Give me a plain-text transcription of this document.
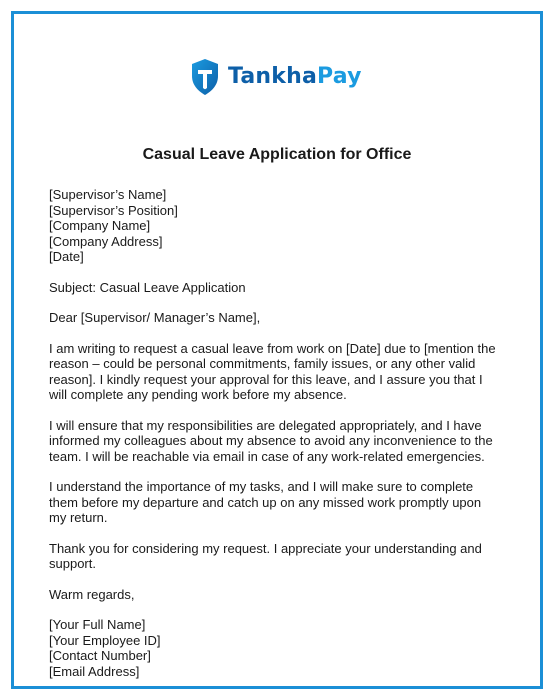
TankhaPay
Casual Leave Application for Office

[Supervisor’s Name]
[Supervisor’s Position]
[Company Name]
[Company Address]
[Date]

Subject: Casual Leave Application

Dear [Supervisor/ Manager’s Name],

I am writing to request a casual leave from work on [Date] due to [mention the
reason – could be personal commitments, family issues, or any other valid
reason]. I kindly request your approval for this leave, and I assure you that I
will complete any pending work before my absence.

I will ensure that my responsibilities are delegated appropriately, and I have
informed my colleagues about my absence to avoid any inconvenience to the
team. I will be reachable via email in case of any work-related emergencies.

I understand the importance of my tasks, and I will make sure to complete
them before my departure and catch up on any missed work promptly upon
my return.

Thank you for considering my request. I appreciate your understanding and
support.

Warm regards,

[Your Full Name]
[Your Employee ID]
[Contact Number]
[Email Address]
